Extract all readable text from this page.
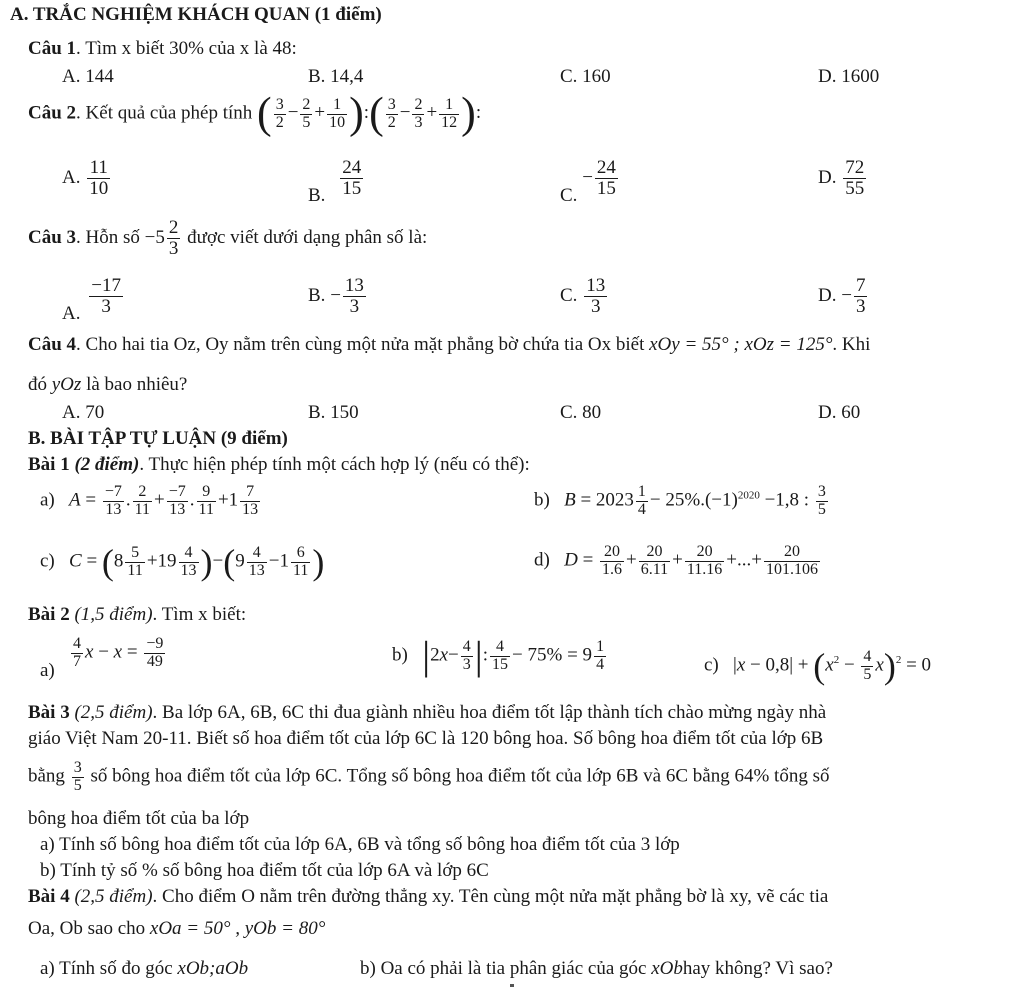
A. TRẮC NGHIỆM KHÁCH QUAN (1 điểm)
Câu 1. Tìm x biết 30% của x là 48:
A. 144	B. 14,4	C. 160	D. 1600
Câu 2. Kết quả của phép tính ( $\frac{3}{2} - \frac{2}{5} + \frac{1}{10}$ ):( $\frac{3}{2} - \frac{2}{3} + \frac{1}{12}$ ):
A. $\frac{11}{10}$	B. $\frac{24}{15}$	C. − $\frac{24}{15}$	D. $\frac{72}{55}$
Câu 3. Hỗn số $-5 \frac{2}{3}$ được viết dưới dạng phân số là:
A. $\frac{-17}{3}$	B. − $\frac{13}{3}$	C. $\frac{13}{3}$	D. − $\frac{7}{3}$
Câu 4. Cho hai tia Oz, Oy nằm trên cùng một nửa mặt phẳng bờ chứa tia Ox biết xOy = 55° ; xOz = 125°. Khi
đó yOz là bao nhiêu?
A. 70	B. 150	C. 80	D. 60
B. BÀI TẬP TỰ LUẬN (9 điểm)
Bài 1 (2 điểm). Thực hiện phép tính một cách hợp lý (nếu có thể):
a)   $A = \frac{-7}{13}$ . $\frac{2}{11} + \frac{-7}{13}$ . $\frac{9}{11} +1 \frac{7}{13}$	b)   $B = 2023 \frac{1}{4} - 25\%.(-1)^{2020} -1,8$ : $\frac{3}{5}$
c)   $C = (8 \frac{5}{11} +19 \frac{4}{13} )-(9 \frac{4}{13} -1 \frac{6}{11}$ )	d)   $D = \frac{20}{1.6} + \frac{20}{6.11} + \frac{20}{11.16}$ +...+ $\frac{20}{101.106}$
Bài 2 (1,5 điểm). Tìm x biết:
$a) \frac{4}{7}$ $x - x = \frac{-9}{49}$	b)   $|2x- \frac{4}{3}$ |: $\frac{4}{15} - 75\% = 9 \frac{1}{4}$	c)   $|x - 0,8| + (x^2 - \frac{4}{5} x)^2 = 0$
Bài 3 (2,5 điểm). Ba lớp 6A, 6B, 6C thi đua giành nhiều hoa điểm tốt lập thành tích chào mừng ngày nhà
giáo Việt Nam 20-11. Biết số hoa điểm tốt của lớp 6C là 120 bông hoa. Số bông hoa điểm tốt của lớp 6B
bằng $\frac{3}{5}$ số bông hoa điểm tốt của lớp 6C. Tổng số bông hoa điểm tốt của lớp 6B và 6C bằng 64% tổng số
bông hoa điểm tốt của ba lớp
a) Tính số bông hoa điểm tốt của lớp 6A, 6B và tổng số bông hoa điểm tốt của 3 lớp
b) Tính tỷ số % số bông hoa điểm tốt của lớp 6A và lớp 6C
Bài 4 (2,5 điểm). Cho điểm O nằm trên đường thẳng xy. Tên cùng một nửa mặt phẳng bờ là xy, vẽ các tia
Oa, Ob sao cho xOa = 50° , yOb = 80°
a) Tính số đo góc xOb;aOb	b) Oa có phải là tia phân giác của góc xObhay không? Vì sao?
